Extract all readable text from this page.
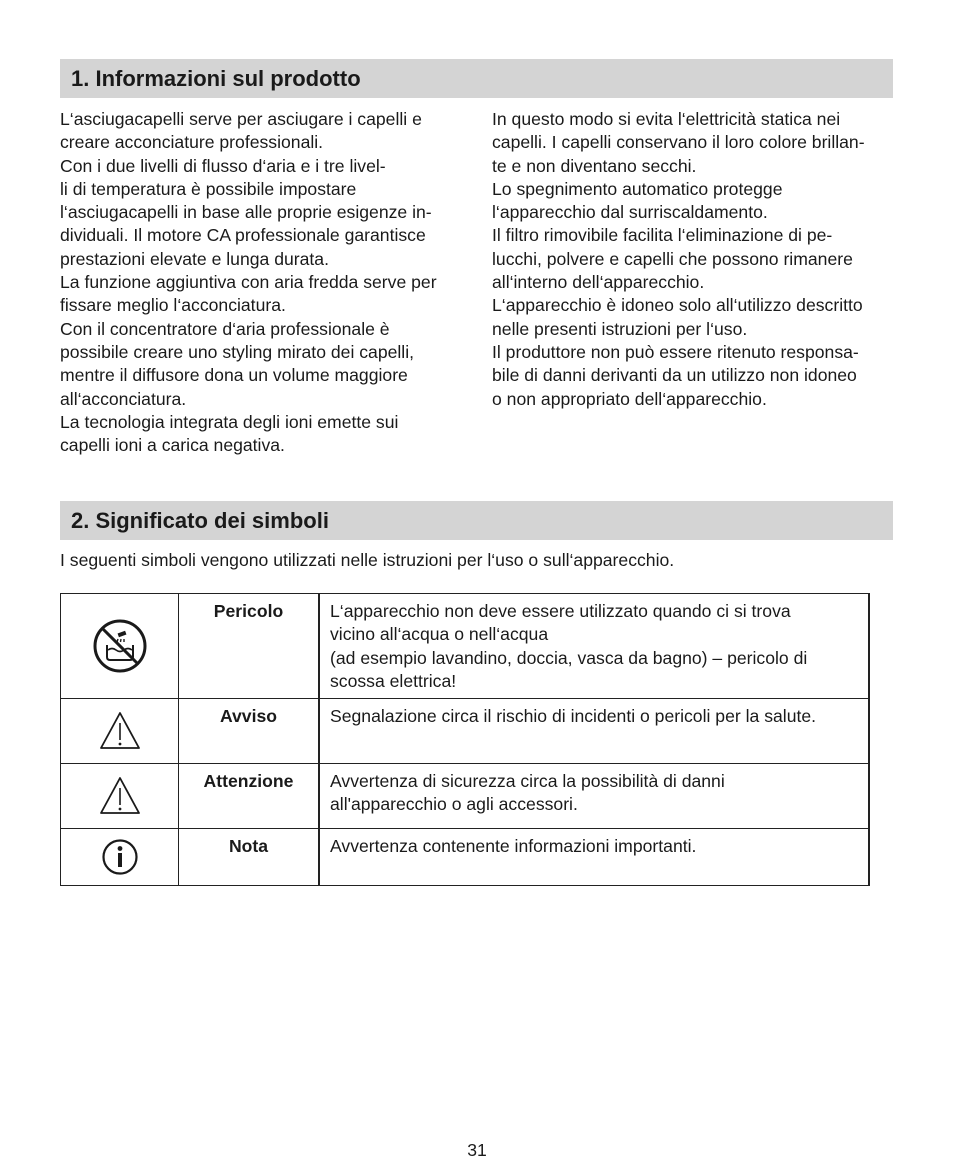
1. Informazioni sul prodotto
L‘asciugacapelli serve per asciugare i capelli e
creare acconciature professionali.
Con i due livelli di flusso d‘aria e i tre livel-
li di temperatura è possibile impostare
l‘asciugacapelli in base alle proprie esigenze in-
dividuali. Il motore CA professionale garantisce
prestazioni elevate e lunga durata.
La funzione aggiuntiva con aria fredda serve per
fissare meglio l‘acconciatura.
Con il concentratore d‘aria professionale è
possibile creare uno styling mirato dei capelli,
mentre il diffusore dona un volume maggiore
all‘acconciatura.
La tecnologia integrata degli ioni emette sui
capelli ioni a carica negativa.
In questo modo si evita l‘elettricità statica nei
capelli. I capelli conservano il loro colore brillan-
te e non diventano secchi.
Lo spegnimento automatico protegge
l‘apparecchio dal surriscaldamento.
Il filtro rimovibile facilita l‘eliminazione di pe-
lucchi, polvere e capelli che possono rimanere
all‘interno dell‘apparecchio.
L‘apparecchio è idoneo solo all‘utilizzo descritto
nelle presenti istruzioni per l‘uso.
Il produttore non può essere ritenuto responsa-
bile di danni derivanti da un utilizzo non idoneo
o non appropriato dell‘apparecchio.
2. Significato dei simboli
I seguenti simboli vengono utilizzati nelle istruzioni per l‘uso o sull‘apparecchio.
	Pericolo	L‘apparecchio non deve essere utilizzato quando ci si trova
vicino all‘acqua o nell‘acqua
(ad esempio lavandino, doccia, vasca da bagno) – pericolo di
scossa elettrica!

	Avviso	Segnalazione circa il rischio di incidenti o pericoli per la salute.

	Attenzione	Avvertenza di sicurezza circa la possibilità di danni
all'apparecchio o agli accessori.

	Nota	Avvertenza contenente informazioni importanti.
31
